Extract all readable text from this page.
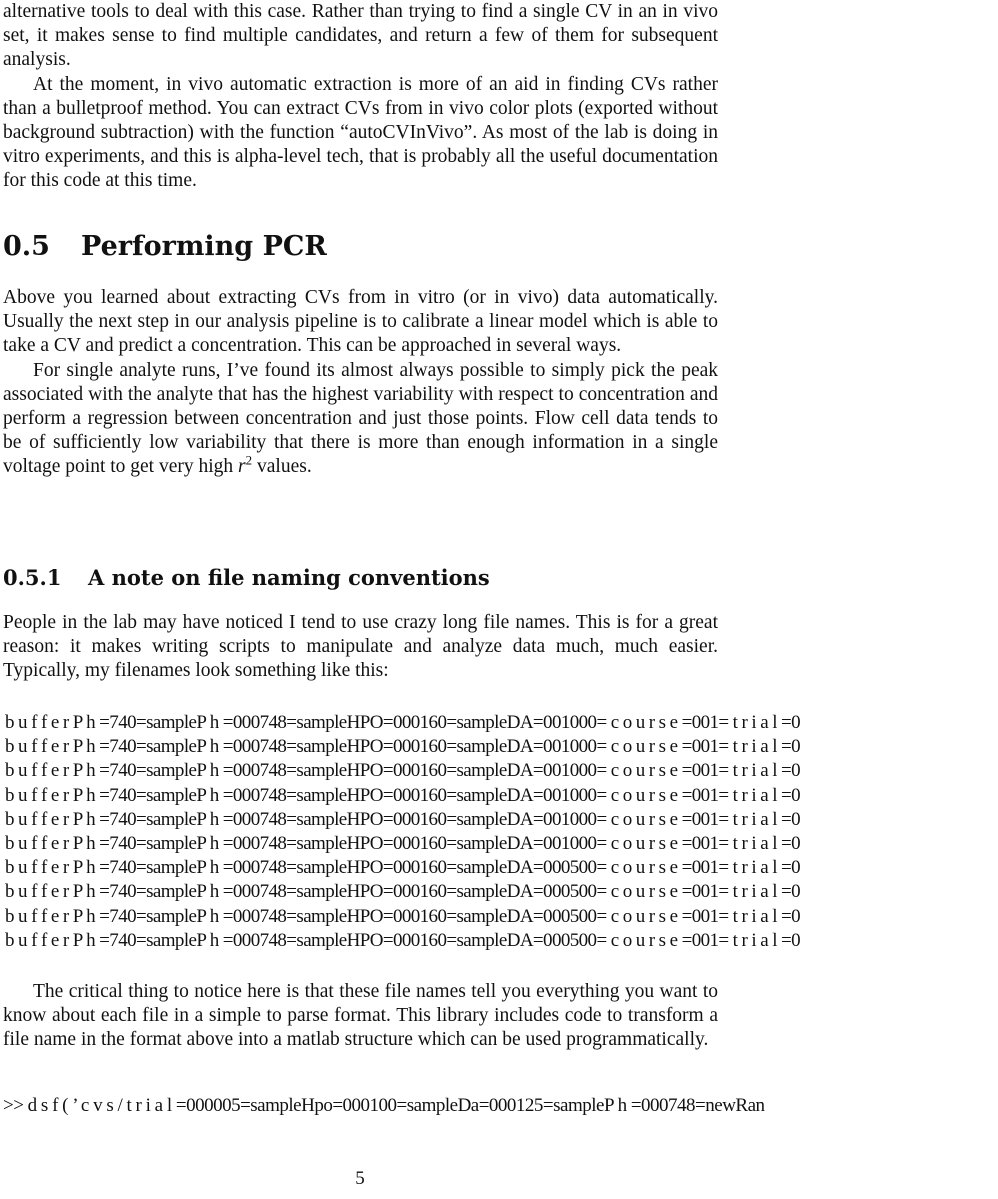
alternative tools to deal with this case. Rather than trying to find a single CV in an in vivo set, it makes sense to find multiple candidates, and return a few of them for subsequent analysis.

At the moment, in vivo automatic extraction is more of an aid in finding CVs rather than a bulletproof method. You can extract CVs from in vivo color plots (exported without background subtraction) with the function “autoCVInVivo”. As most of the lab is doing in vitro experiments, and this is alpha-level tech, that is probably all the useful documentation for this code at this time.

0.5 Performing PCR

Above you learned about extracting CVs from in vitro (or in vivo) data automatically. Usually the next step in our analysis pipeline is to calibrate a linear model which is able to take a CV and predict a concentration. This can be approached in several ways.

For single analyte runs, I’ve found its almost always possible to simply pick the peak associated with the analyte that has the highest variability with respect to concentration and perform a regression between concentration and just those points. Flow cell data tends to be of sufficiently low variability that there is more than enough information in a single voltage point to get very high $r^2$ values.

0.5.1 A note on file naming conventions

People in the lab may have noticed I tend to use crazy long file names. This is for a great reason: it makes writing scripts to manipulate and analyze data much, much easier. Typically, my filenames look something like this:

b u f f e r P h =740=sampleP h =000748=sampleHPO=000160=sampleDA=001000= c o u r s e =001= t r i a l =0
b u f f e r P h =740=sampleP h =000748=sampleHPO=000160=sampleDA=001000= c o u r s e =001= t r i a l =0
b u f f e r P h =740=sampleP h =000748=sampleHPO=000160=sampleDA=001000= c o u r s e =001= t r i a l =0
b u f f e r P h =740=sampleP h =000748=sampleHPO=000160=sampleDA=001000= c o u r s e =001= t r i a l =0
b u f f e r P h =740=sampleP h =000748=sampleHPO=000160=sampleDA=001000= c o u r s e =001= t r i a l =0
b u f f e r P h =740=sampleP h =000748=sampleHPO=000160=sampleDA=001000= c o u r s e =001= t r i a l =0
b u f f e r P h =740=sampleP h =000748=sampleHPO=000160=sampleDA=000500= c o u r s e =001= t r i a l =0
b u f f e r P h =740=sampleP h =000748=sampleHPO=000160=sampleDA=000500= c o u r s e =001= t r i a l =0
b u f f e r P h =740=sampleP h =000748=sampleHPO=000160=sampleDA=000500= c o u r s e =001= t r i a l =0
b u f f e r P h =740=sampleP h =000748=sampleHPO=000160=sampleDA=000500= c o u r s e =001= t r i a l =0

The critical thing to notice here is that these file names tell you everything you want to know about each file in a simple to parse format. This library includes code to transform a file name in the format above into a matlab structure which can be used programmatically.

>> d s f ( ’ c v s / t r i a l =000005=sampleHpo=000100=sampleDa=000125=sampleP h =000748=newRan
5
